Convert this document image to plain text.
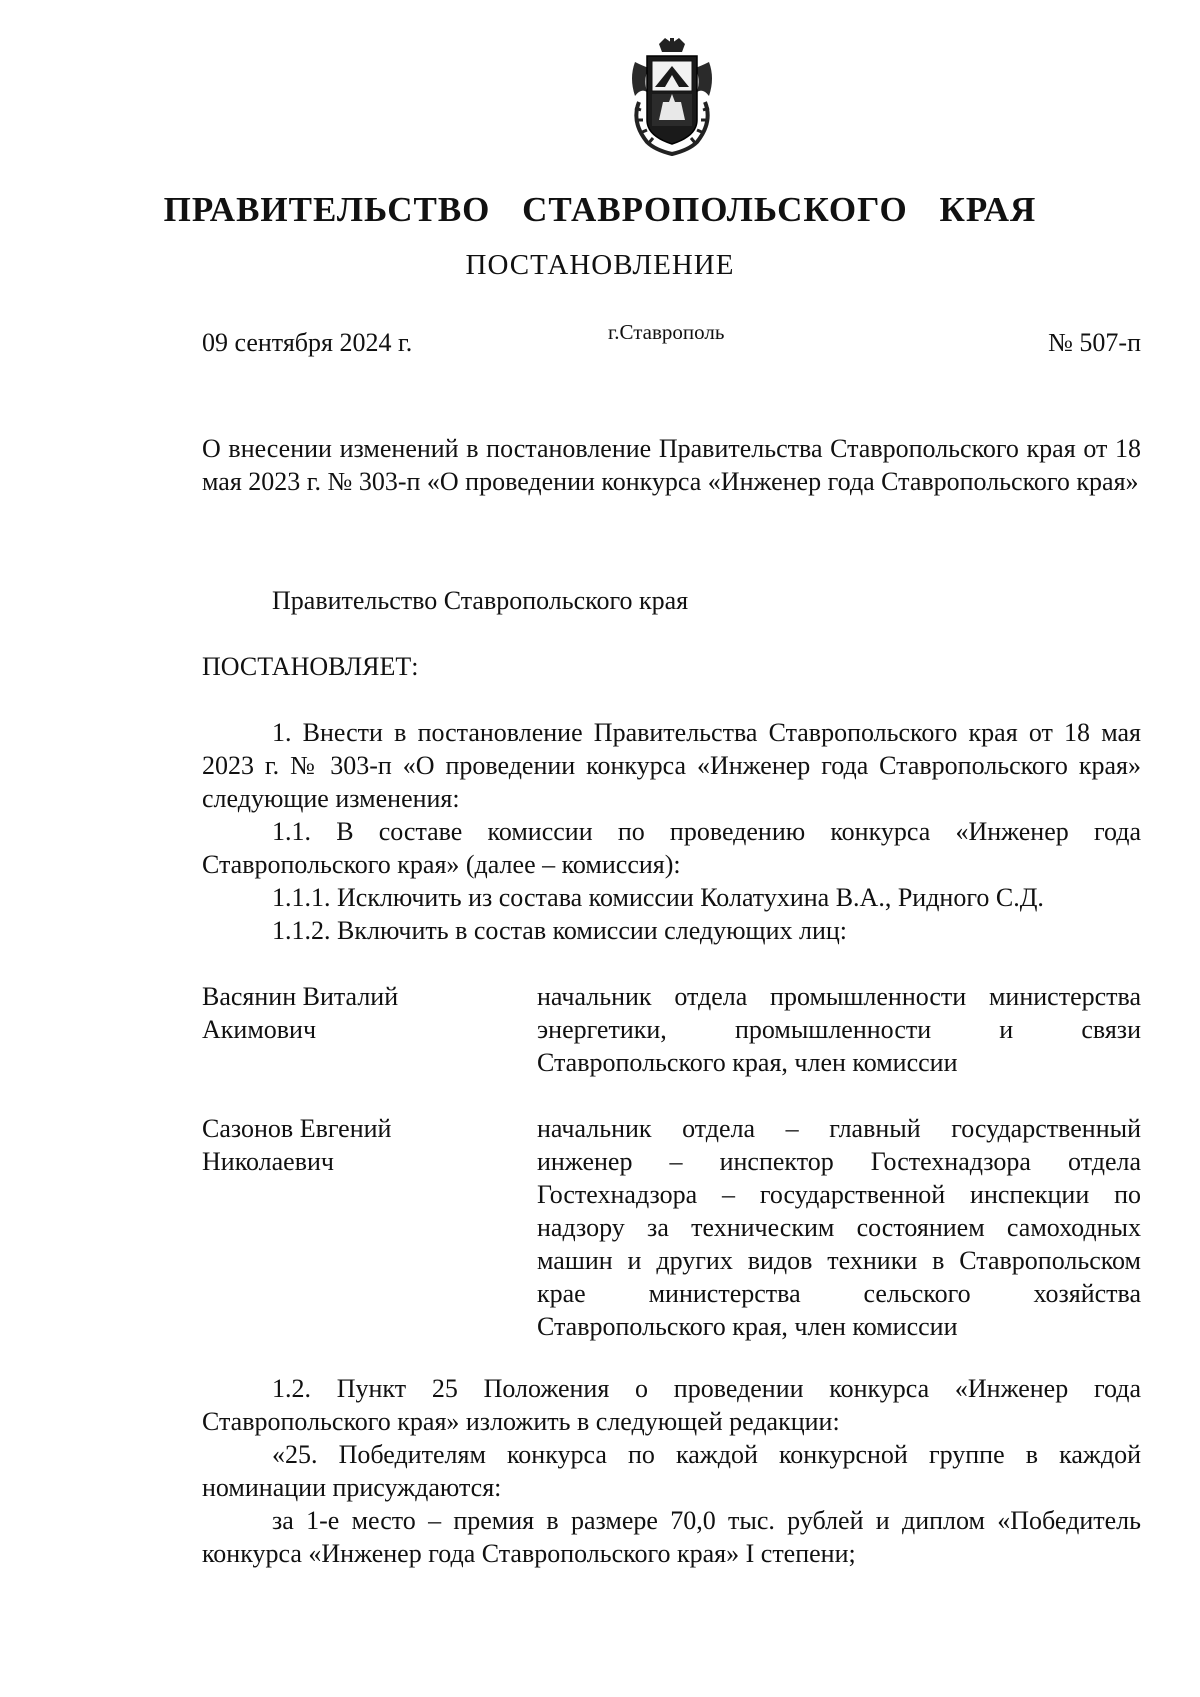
ПРАВИТЕЛЬСТВО СТАВРОПОЛЬСКОГО КРАЯ
ПОСТАНОВЛЕНИЕ
09 сентября 2024 г.	г.Ставрополь	№ 507-п
О внесении изменений в постановление Правительства Ставропольского края от 18 мая 2023 г. № 303-п «О проведении конкурса «Инженер года Ставропольского края»

Правительство Ставропольского края

ПОСТАНОВЛЯЕТ:

1. Внести в постановление Правительства Ставропольского края от 18 мая 2023 г. № 303-п «О проведении конкурса «Инженер года Ставропольского края» следующие изменения:

1.1. В составе комиссии по проведению конкурса «Инженер года Ставропольского края» (далее – комиссия):

1.1.1. Исключить из состава комиссии Колатухина В.А., Ридного С.Д.

1.1.2. Включить в состав комиссии следующих лиц:

Васянин Виталий Акимович
начальник отдела промышленности министерства энергетики, промышленности и связи Ставропольского края, член комиссии
Сазонов Евгений Николаевич
начальник отдела – главный государственный инженер – инспектор Гостехнадзора отдела Гостехнадзора – государственной инспекции по надзору за техническим состоянием самоходных машин и других видов техники в Ставропольском крае министерства сельского хозяйства Ставропольского края, член комиссии

1.2. Пункт 25 Положения о проведении конкурса «Инженер года Ставропольского края» изложить в следующей редакции:

«25. Победителям конкурса по каждой конкурсной группе в каждой номинации присуждаются:

за 1-е место – премия в размере 70,0 тыс. рублей и диплом «Победитель конкурса «Инженер года Ставропольского края» I степени;
